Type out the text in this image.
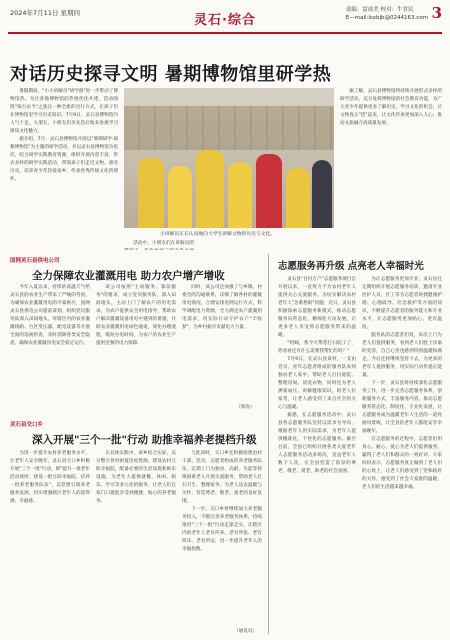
2024年7月11日 星期四	灵石·综合
责编：雷成美 校对：牛君民
E—mail:lsxbjb@0244163.com 3
对话历史探寻文明 暑期博物馆里研学热

暑假期间，"小小讲解员"研学游"进一步带动了博物馆热。为让各地博物馆的热情优化共建，活动围绕"探古访今"之旅这一种全新的出行方式，让孩子们在博物馆里学习历史知识。7月9日，灵石县博物馆内人气十足，大朋友、小朋友们争先恐后地来参观学习感知文化魅力。

据介绍，7月，灵石县博物馆开展以"暑期研学·探秘博物馆"为主题的研学活动，并以灵石县博物馆为依托，结合研学实践教育资源，组织开展内容丰富、形式多样的研学实践活动，带领孩子们走近文物、感受历史，培养青少年热爱家乡、传承优秀传统文化的情怀。

小讲解员正在认真地向大学生讲解文物的历史与文化。

据了解，灵石县博物馆将持续开展形式多样的研学活动，充分发挥博物馆的社会教育功能，为广大青少年提供更多了解历史、学习文化的机会，让文物真正"活"起来，让文化传承更加深入人心，推动文旅融合高质量发展。

活动中，小朋友们在讲解员的

国网灵石县供电公司
全力保障农业灌溉用电 助力农户增产增收

今年入夏以来，持续的高温天气给灵石县的农业生产带来了严峻的考验。为确保农业灌溉用电的可靠供应，国网灵石县供电公司提前谋划，组织党员服务队深入田间地头，对辖区内的农业灌溉线路、台区变压器、配电设备等开展全面的巡视检查，及时消除各类安全隐患，确保农业灌溉用电安全稳定运行。

该公司按照"主动服务、靠前服务"的要求，成立党员服务队，深入田间地头，主动上门了解农户的用电需求，为农户提供安全用电指导，帮助农户解决灌溉设备用电中遇到的难题，开辟农业灌溉用电绿色通道，简化办理流程，缩短办电时间，为农户的农业生产提供坚强的电力保障。

同时，该公司还加强了与乡镇、村委会的沟通联系，详细了解各村的灌溉用电情况，合理安排电网运行方式，科学调配电力资源，全力满足农户灌溉用电需求，用实际行动守护农户"丰收梦"，为乡村振兴贡献电力力量。

（郭涛）
灵石县交口乡
深入开展"三个一批"行动 助推幸福养老提档升级

为进一步提升农村养老服务水平，让老年人安享晚年，灵石县交口乡积极开展"三个一批"行动，即"提升一批老年活动场所、建设一批互助幸福院、培养一批养老服务队伍"，以党建引领养老服务发展，切实增强辖区老年人的获得感、幸福感。

在具体实践中，该乡结合实际，充分整合各村闲置房屋资源，建设农村互助幸福院，配备必要的生活设施和娱乐设施，为老年人提供就餐、休闲、娱乐、学习等多元化的服务，让老人们在家门口就能享受到便捷、贴心的养老服务。

与此同时，交口乡还积极组建由村干部、党员、志愿者组成的养老服务队伍，定期上门为独居、高龄、失能等特殊困难老人开展关爱服务，帮助老人打扫卫生、整理家务，为老人送去温暖与关怀，营造尊老、敬老、爱老的良好氛围。

下一步，交口乡将继续加大养老服务投入，不断完善养老服务体系，持续推进"三个一批"行动走深走实，让辖区内的老年人老有所养、老有所依、老有所乐、老有所安，进一步提升老年人的幸福指数。

（通讯员）
志愿服务再升级 点亮老人幸福时光

灵石县"百村万户"志愿服务项目自开展以来，一直致力于为农村老年人提供关心关爱服务。为切实解决农村老年人"急难愁盼"问题，近日，灵石县积极探索志愿服务新模式，推动志愿服务向常态化、精细化方向发展，让更多老人享受到志愿服务带来的温暖。

"阿姨，我今天帮您打扫院子了，您看看还有什么需要我帮忙的吗？"

7月9日，在灵石县某村，一支由党员、青年志愿者组成的服务队来到独居老人家中，帮助老人打扫庭院、整理房间、清洗衣物，同时还为老人测量血压、讲解健康知识，陪老人拉家常，让老人感受到了来自社会的关心与温暖。

据悉，在志愿服务活动中，灵石县各志愿服务队坚持以需求为导向，根据老年人的实际需求，为老年人提供精准化、个性化的志愿服务。截至目前，全县已组织开展各类关爱老年人志愿服务活动多场次，受益老年人数千人次，在全县营造了浓厚的尊老、敬老、爱老、助老的社会氛围。

为让志愿服务更加专业，灵石县还定期组织开展志愿服务培训，邀请专业医护人员、社工等为志愿者讲授健康护理、心理疏导、应急救护等方面的知识，不断提升志愿者的服务能力和专业水平，让志愿服务更加贴心、更有温度。

服务队的志愿者们说，每次上门为老人们提供服务，看到老人们脸上洋溢的笑容，自己心里也感到特别温暖和满足。今后还将继续坚持下去，为更多的老年人提供服务，用实际行动传递正能量。

下一步，灵石县将持续深化志愿服务工作，进一步完善志愿服务体系，创新服务方式，丰富服务内容，推动志愿服务常态化、制度化、专业化发展，让志愿服务成为温暖老年人生活的一道亮丽风景线，让全县的老年人都能安享幸福晚年。

在志愿服务的过程中，志愿者们用真心、耐心、爱心为老人们提供服务，赢得了老人们和群众的一致好评。大家纷纷表示，志愿服务真正做到了老人们的心坎上，让老人们感受到了党和政府的关怀，感受到了社会大家庭的温暖，老人们的生活越来越幸福。
